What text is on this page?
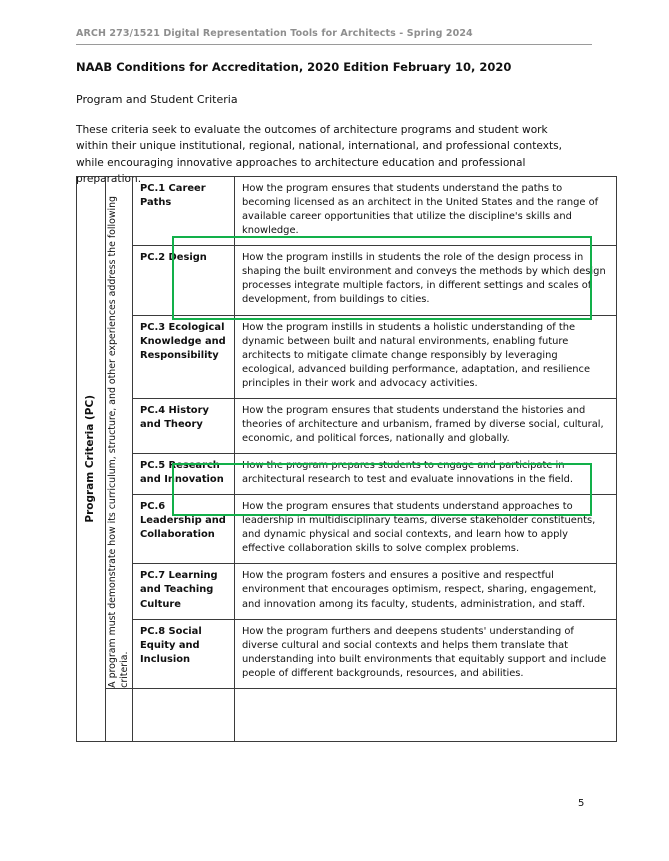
ARCH 273/1521 Digital Representation Tools for Architects - Spring 2024
NAAB Conditions for Accreditation, 2020 Edition February 10, 2020
Program and Student Criteria
These criteria seek to evaluate the outcomes of architecture programs and student work within their unique institutional, regional, national, international, and professional contexts, while encouraging innovative approaches to architecture education and professional preparation.
Program Criteria (PC)	A program must demonstrate how its curriculum, structure, and other experiences address the following criteria.	PC.1 Career Paths	How the program ensures that students understand the paths to becoming licensed as an architect in the United States and the range of available career opportunities that utilize the discipline's skills and knowledge.
		PC.2 Design	How the program instills in students the role of the design process in shaping the built environment and conveys the methods by which design processes integrate multiple factors, in different settings and scales of development, from buildings to cities.
		PC.3 Ecological Knowledge and Responsibility	How the program instills in students a holistic understanding of the dynamic between built and natural environments, enabling future architects to mitigate climate change responsibly by leveraging ecological, advanced building performance, adaptation, and resilience principles in their work and advocacy activities.
		PC.4 History and Theory	How the program ensures that students understand the histories and theories of architecture and urbanism, framed by diverse social, cultural, economic, and political forces, nationally and globally.
		PC.5 Research and Innovation	How the program prepares students to engage and participate in architectural research to test and evaluate innovations in the field.
		PC.6 Leadership and Collaboration	How the program ensures that students understand approaches to leadership in multidisciplinary teams, diverse stakeholder constituents, and dynamic physical and social contexts, and learn how to apply effective collaboration skills to solve complex problems.
		PC.7 Learning and Teaching Culture	How the program fosters and ensures a positive and respectful environment that encourages optimism, respect, sharing, engagement, and innovation among its faculty, students, administration, and staff.
		PC.8 Social Equity and Inclusion	How the program furthers and deepens students' understanding of diverse cultural and social contexts and helps them translate that understanding into built environments that equitably support and include people of different backgrounds, resources, and abilities.

5
